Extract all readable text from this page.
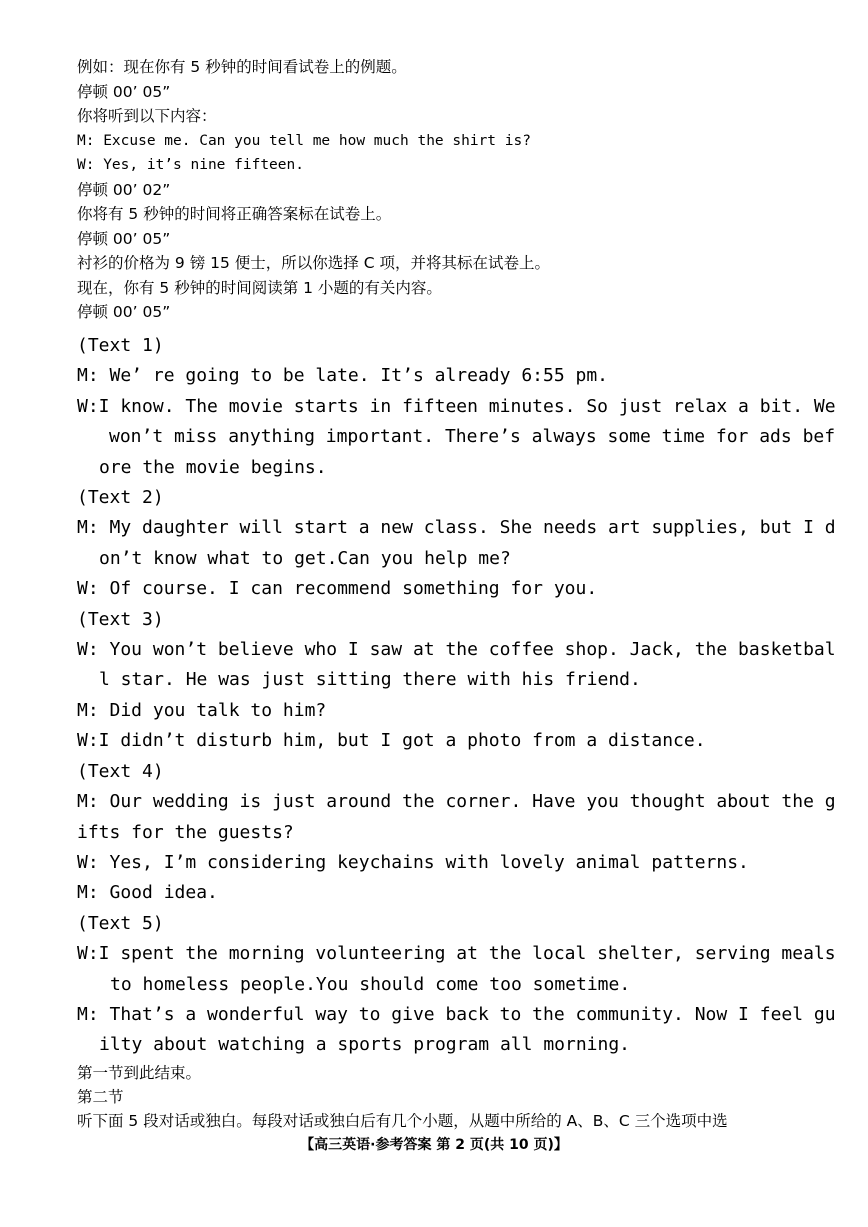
例如：现在你有 5 秒钟的时间看试卷上的例题。
停顿 00’ 05”
你将听到以下内容：
M: Excuse me. Can you tell me how much the shirt is?
W: Yes, it’s nine fifteen.
停顿 00’ 02”
你将有 5 秒钟的时间将正确答案标在试卷上。
停顿 00’ 05”
衬衫的价格为 9 镑 15 便士，所以你选择 C 项，并将其标在试卷上。
现在，你有 5 秒钟的时间阅读第 1 小题的有关内容。
停顿 00’ 05”
(Text 1)
M: We’ re going to be late. It’s already 6:55 pm.
W:I know. The movie starts in fifteen minutes. So just relax a bit. We
won’t miss anything important. There’s always some time for ads bef
ore the movie begins.
(Text 2)
M: My daughter will start a new class. She needs art supplies, but I d
on’t know what to get.Can you help me?
W: Of course. I can recommend something for you.
(Text 3)
W: You won’t believe who I saw at the coffee shop. Jack, the basketbal
l star. He was just sitting there with his friend.
M: Did you talk to him?
W:I didn’t disturb him, but I got a photo from a distance.
(Text 4)
M: Our wedding is just around the corner. Have you thought about the g
ifts for the guests?
W: Yes, I’m considering keychains with lovely animal patterns.
M: Good idea.
(Text 5)
W:I spent the morning volunteering at the local shelter, serving meals
to homeless people.You should come too sometime.
M: That’s a wonderful way to give back to the community. Now I feel gu
ilty about watching a sports program all morning.
第一节到此结束。
第二节
听下面 5 段对话或独白。每段对话或独白后有几个小题，从题中所给的 A、B、C 三个选项中选
【高三英语·参考答案 第 2 页(共 10 页)】
